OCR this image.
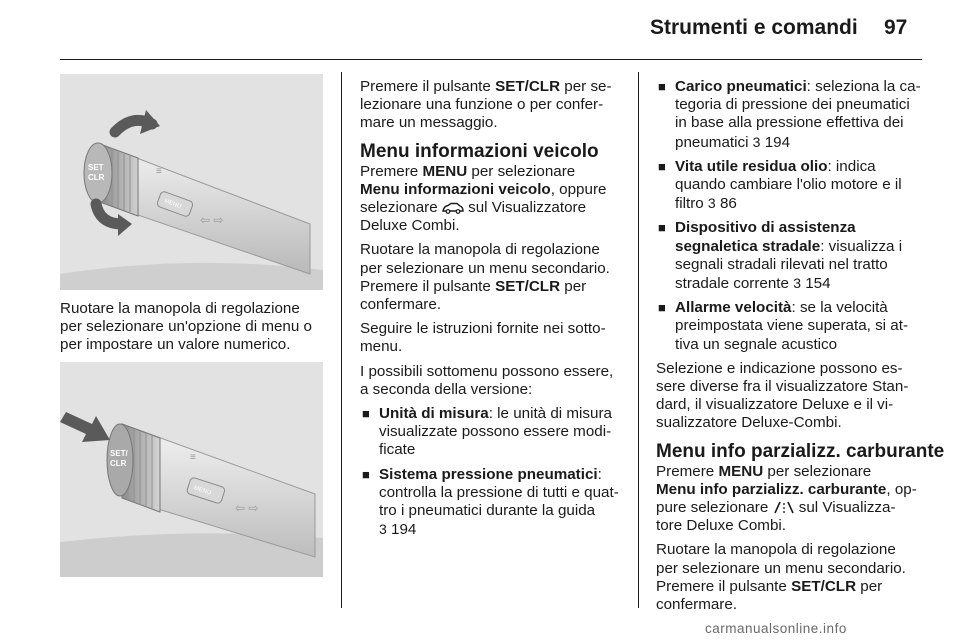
Strumenti e comandi 97
SET
CLR
MENU
⇦ ⇨
≡
Ruotare la manopola di regolazione
per selezionare un'opzione di menu o
per impostare un valore numerico.
SET/
CLR
MENU
⇦ ⇨
≡

Premere il pulsante SET/CLR per se-
lezionare una funzione o per confer-
mare un messaggio.

Menu informazioni veicolo

Premere MENU per selezionare
Menu informazioni veicolo, oppure
selezionare  sul Visualizzatore
Deluxe Combi.

Ruotare la manopola di regolazione
per selezionare un menu secondario.
Premere il pulsante SET/CLR per
confermare.

Seguire le istruzioni fornite nei sotto-
menu.

I possibili sottomenu possono essere,
a seconda della versione:

■ Unità di misura: le unità di misura
visualizzate possono essere modi-
ficate
■ Sistema pressione pneumatici:
controlla la pressione di tutti e quat-
tro i pneumatici durante la guida
3 194
■ Carico pneumatici: seleziona la ca-
tegoria di pressione dei pneumatici
in base alla pressione effettiva dei
pneumatici 3 194
■ Vita utile residua olio: indica
quando cambiare l'olio motore e il
filtro 3 86
■ Dispositivo di assistenza
segnaletica stradale: visualizza i
segnali stradali rilevati nel tratto
stradale corrente 3 154
■ Allarme velocità: se la velocità
preimpostata viene superata, si at-
tiva un segnale acustico

Selezione e indicazione possono es-
sere diverse fra il visualizzatore Stan-
dard, il visualizzatore Deluxe e il vi-
sualizzatore Deluxe-Combi.

Menu info parzializz. carburante

Premere MENU per selezionare
Menu info parzializz. carburante, op-
pure selezionare  sul Visualizza-
tore Deluxe Combi.

Ruotare la manopola di regolazione
per selezionare un menu secondario.
Premere il pulsante SET/CLR per
confermare.

carmanualsonline.info
